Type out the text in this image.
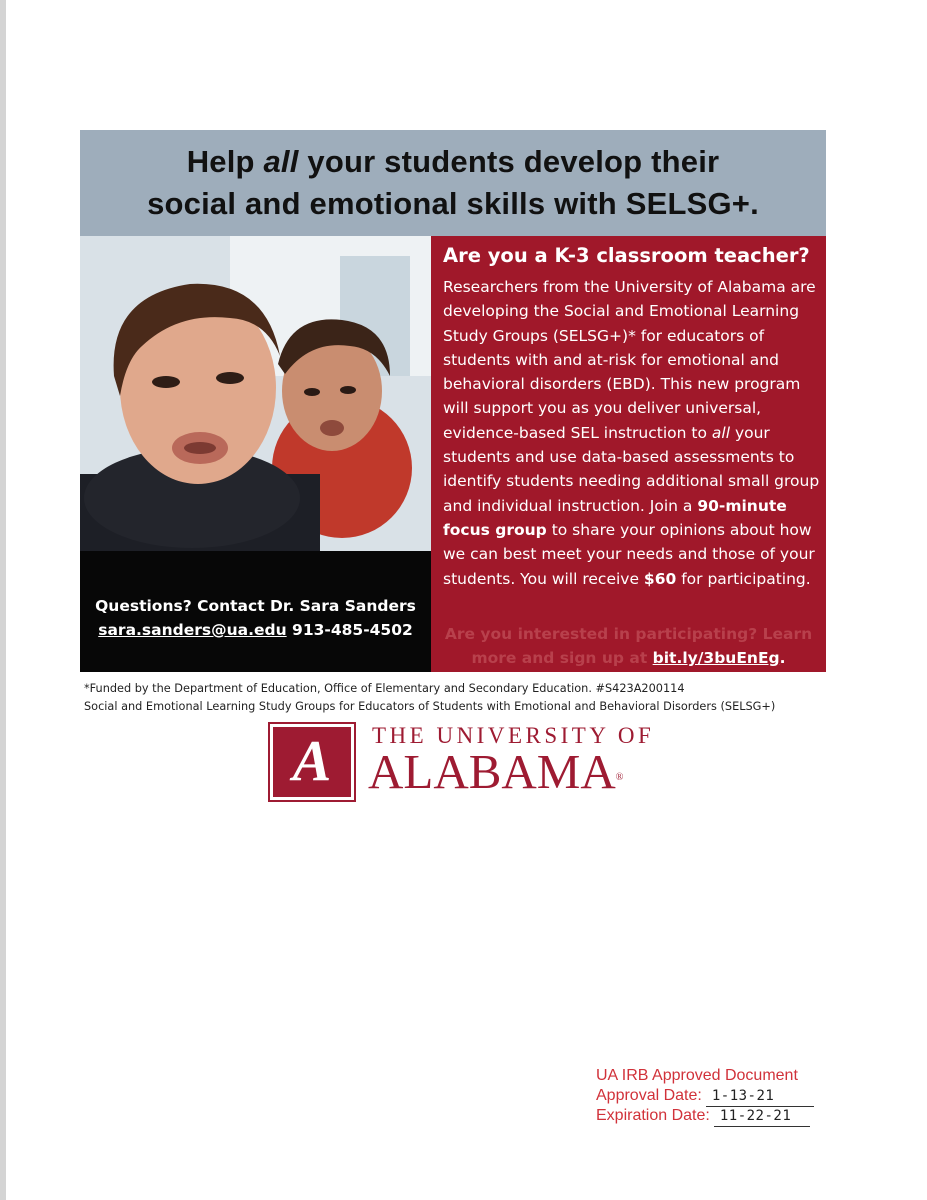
Help all your students develop their
social and emotional skills with SELSG+.
Questions? Contact Dr. Sara Sanders
sara.sanders@ua.edu 913-485-4502
Are you a K-3 classroom teacher?
Researchers from the University of Alabama are developing the Social and Emotional Learning Study Groups (SELSG+)* for educators of students with and at-risk for emotional and behavioral disorders (EBD). This new program will support you as you deliver universal, evidence-based SEL instruction to all your students and use data-based assessments to identify students needing additional small group and individual instruction. Join a 90-minute focus group to share your opinions about how we can best meet your needs and those of your students. You will receive $60 for participating.
Are you interested in participating? Learn more and sign up at bit.ly/3buEnEg.
*Funded by the Department of Education, Office of Elementary and Secondary Education. #S423A200114
Social and Emotional Learning Study Groups for Educators of Students with Emotional and Behavioral Disorders (SELSG+)
A	THE UNIVERSITY OF
ALABAMA®
UA IRB Approved Document
Approval Date: 1-13-21
Expiration Date: 11-22-21
